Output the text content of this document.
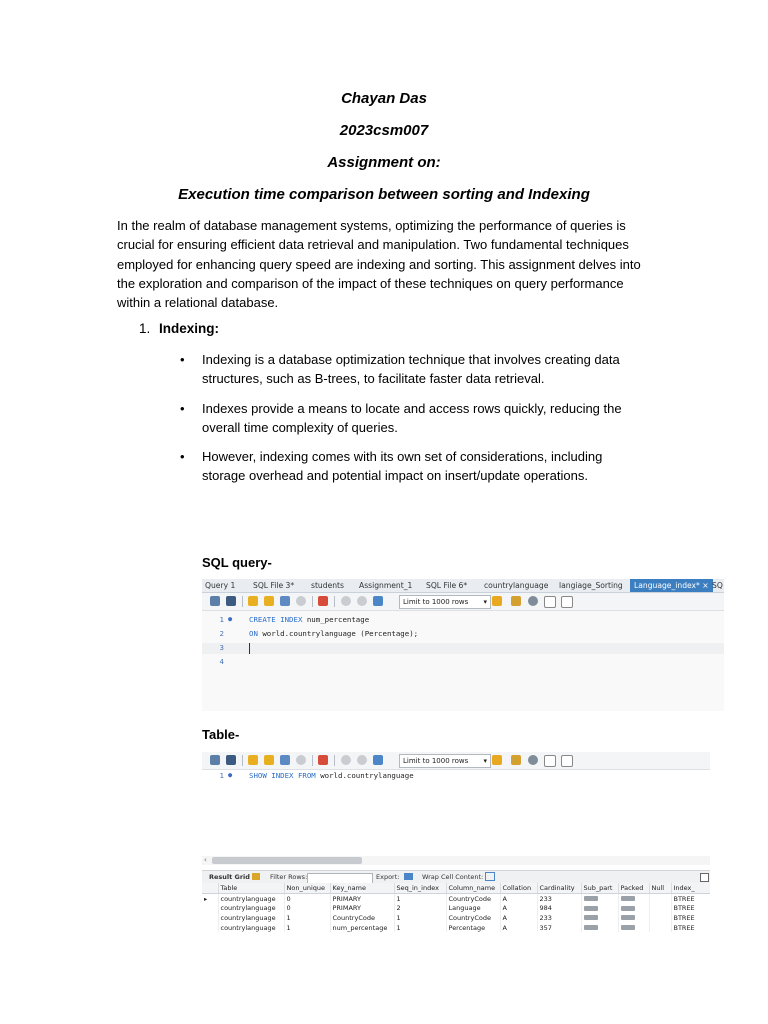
Chayan Das
2023csm007
Assignment on:
Execution time comparison between sorting and Indexing
In the realm of database management systems, optimizing the performance of queries is crucial for ensuring efficient data retrieval and manipulation. Two fundamental techniques employed for enhancing query speed are indexing and sorting. This assignment delves into the exploration and comparison of the impact of these techniques on query performance within a relational database.
1. Indexing:
• Indexing is a database optimization technique that involves creating data structures, such as B-trees, to facilitate faster data retrieval.
• Indexes provide a means to locate and access rows quickly, reducing the overall time complexity of queries.
• However, indexing comes with its own set of considerations, including storage overhead and potential impact on insert/update operations.
SQL query-
Query 1 SQL File 3* students Assignment_1 SQL File 6* countrylanguage langiage_Sorting	Language_index* × SQ
Limit to 1000 rows ▾
1 ● CREATE INDEX num_percentage
2	ON world.countrylanguage (Percentage);
3
4
Table-
Limit to 1000 rows ▾
1 ● SHOW INDEX FROM world.countrylanguage
‹
Result Grid	Filter Rows:	Export:	Wrap Cell Content:
	Table	Non_unique	Key_name	Seq_in_index	Column_name	Collation	Cardinality	Sub_part	Packed	Null	Index_
▸	countrylanguage	0	PRIMARY	1	CountryCode	A	233				BTREE
	countrylanguage	0	PRIMARY	2	Language	A	984				BTREE
	countrylanguage	1	CountryCode	1	CountryCode	A	233				BTREE
	countrylanguage	1	num_percentage	1	Percentage	A	357				BTREE
